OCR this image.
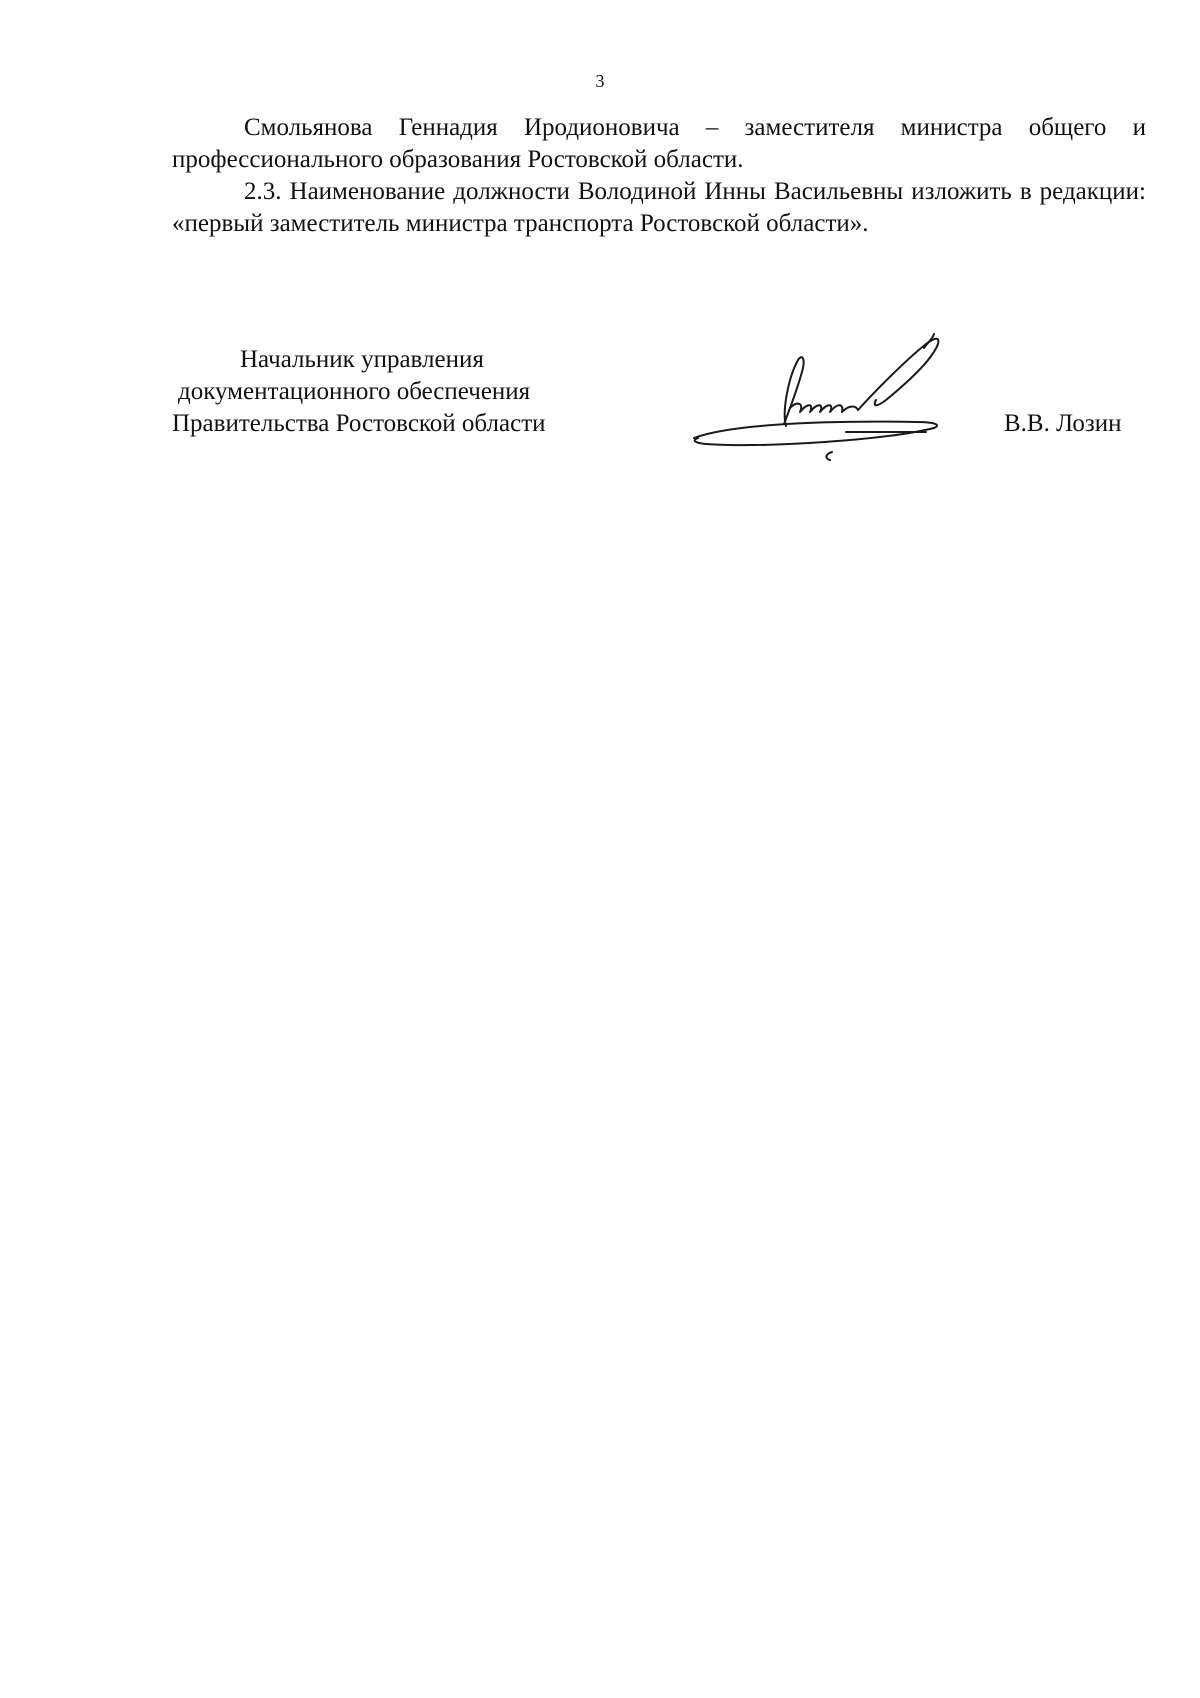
3

Смольянова Геннадия Иродионовича – заместителя министра общего и профессионального образования Ростовской области.

2.3. Наименование должности Володиной Инны Васильевны изложить в редакции: «первый заместитель министра транспорта Ростовской области».

Начальник управления
документационного обеспечения
Правительства Ростовской области	В.В. Лозин
